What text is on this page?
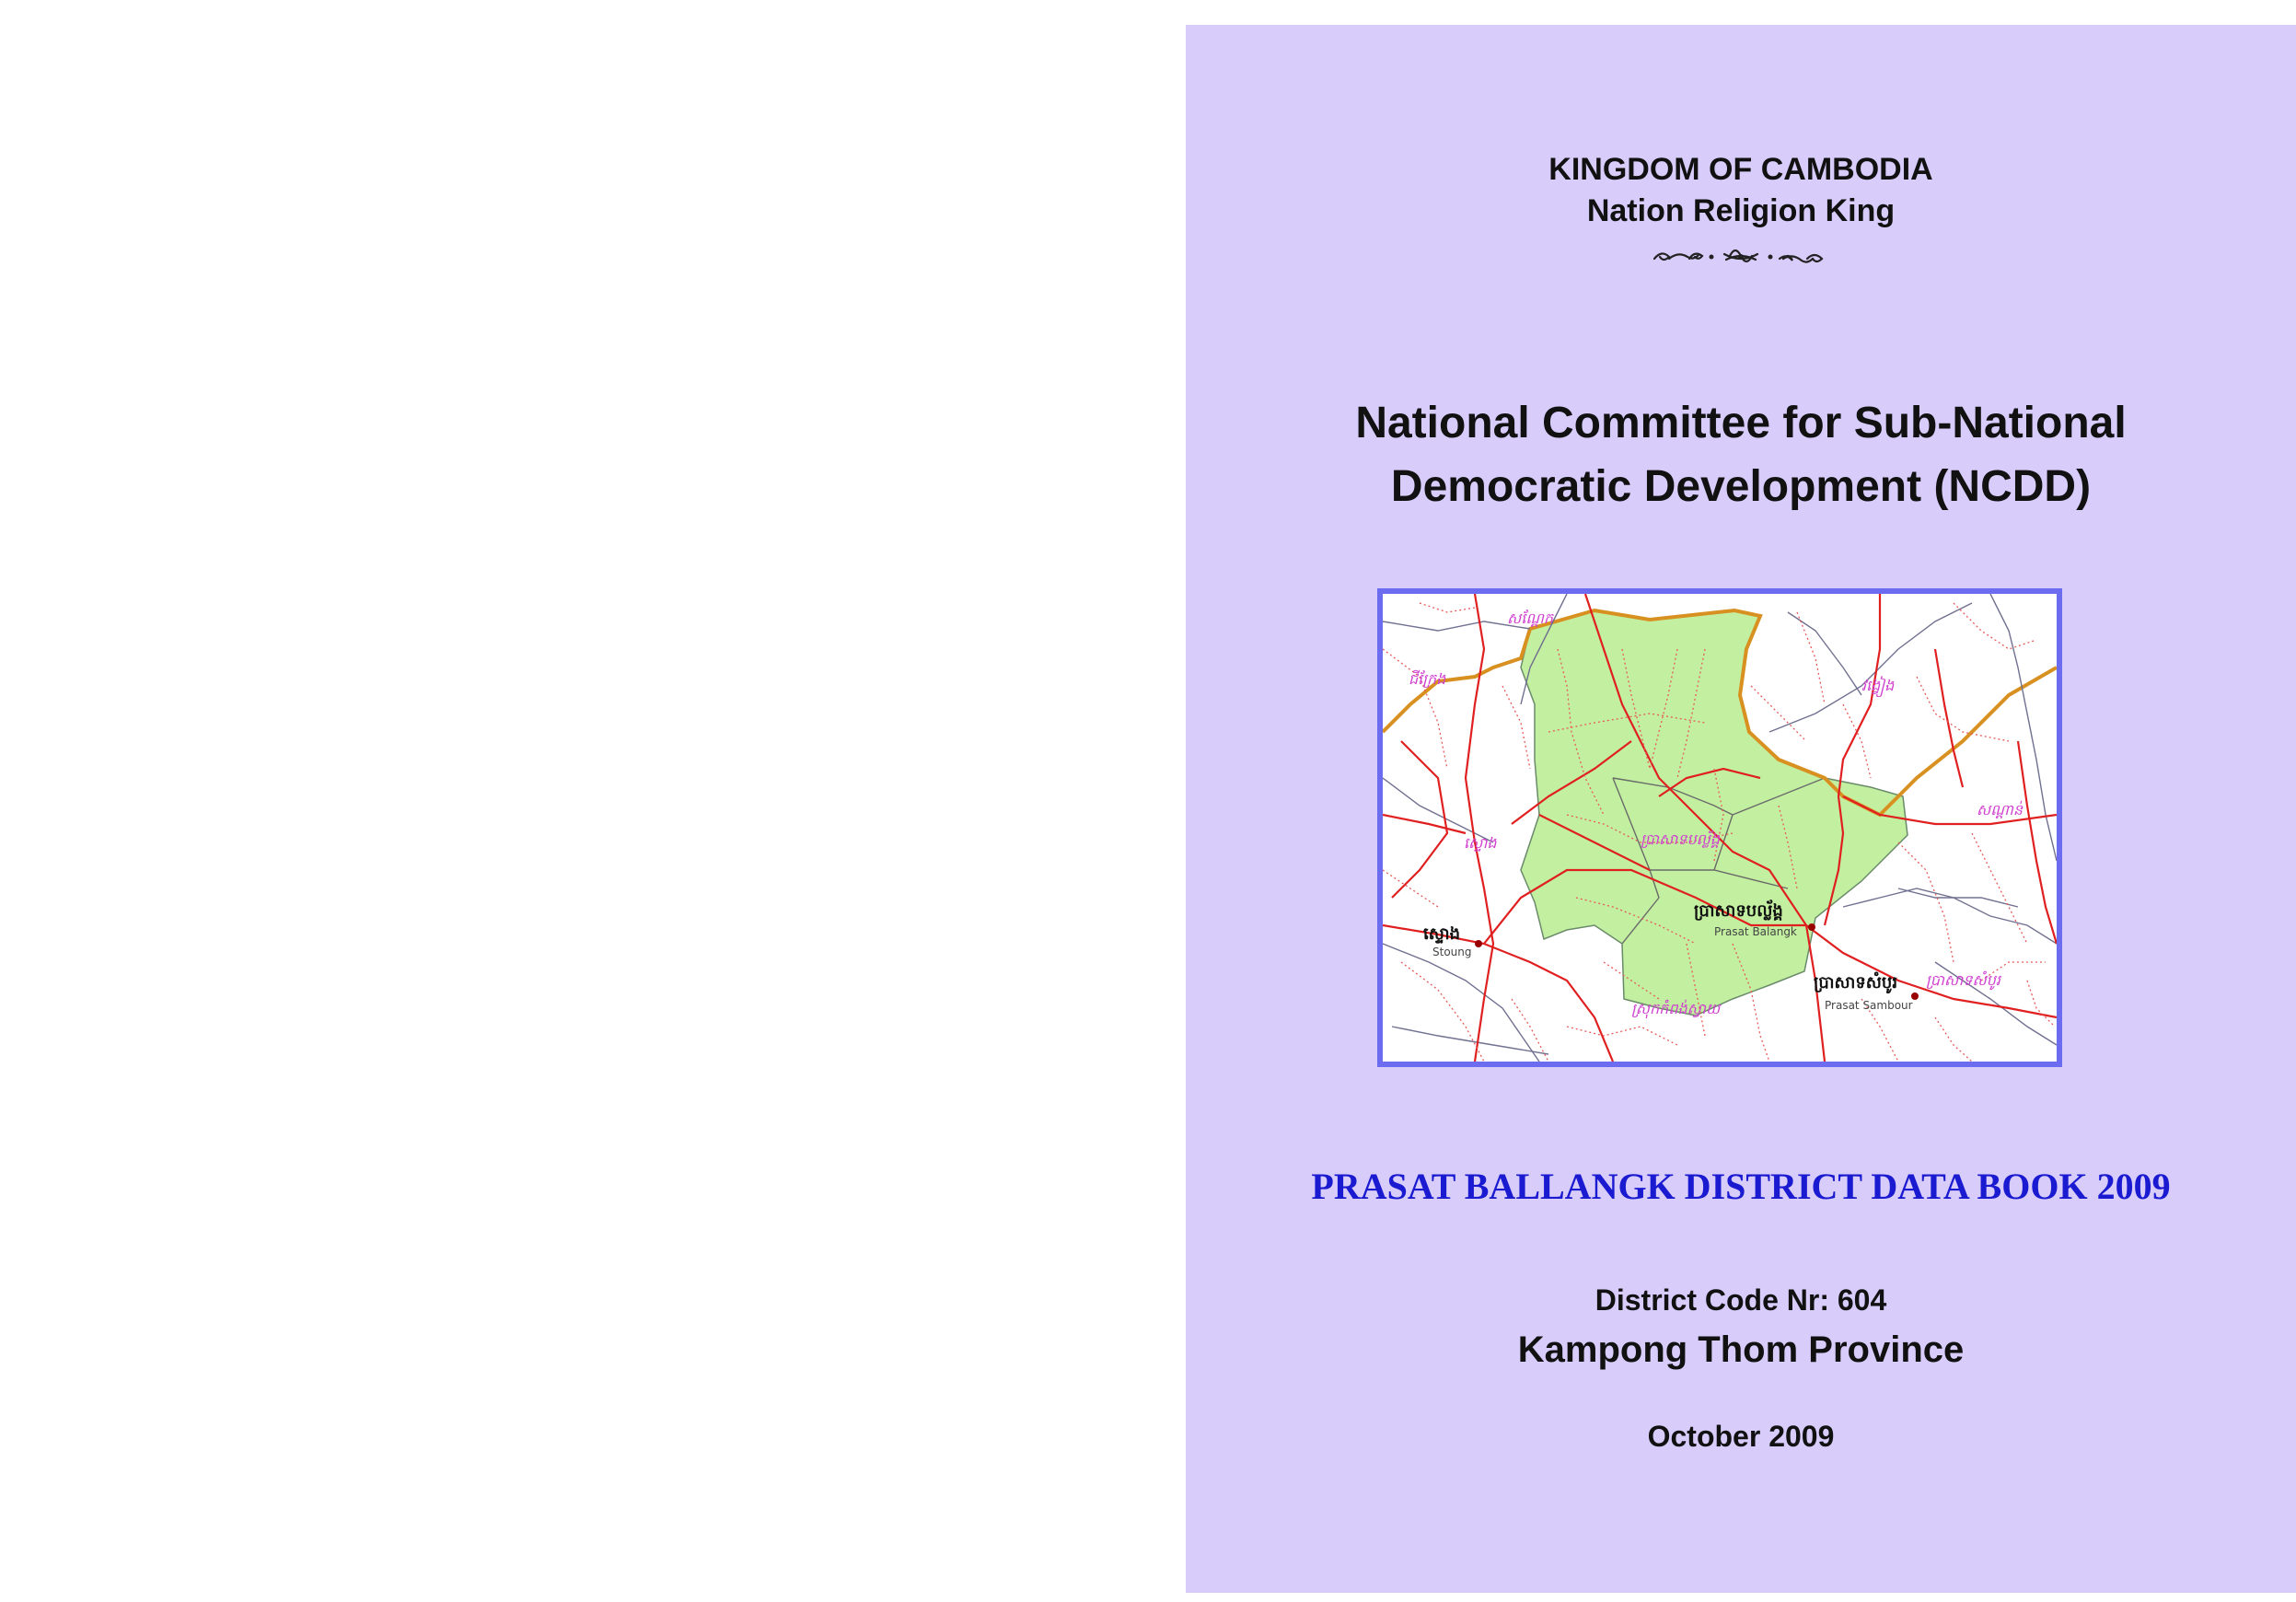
KINGDOM OF CAMBODIA
Nation Religion King
National Committee for Sub-National
Democratic Development (NCDD)
សណ្ដែក
ជីក្រែង	វង្វៀង
ស្ទោង	ប្រាសាទបល្ល័ង្គ
សណ្ដាន់
ស្រុកកំពង់ស្វាយ
ប្រាសាទសំបូរ
ស្ទោង
Stoung
ប្រាសាទបល្ល័ង្គ
Prasat Balangk
ប្រាសាទសំបូរ
Prasat Sambour
PRASAT BALLANGK DISTRICT DATA BOOK 2009
District Code Nr: 604
Kampong Thom Province
October 2009
